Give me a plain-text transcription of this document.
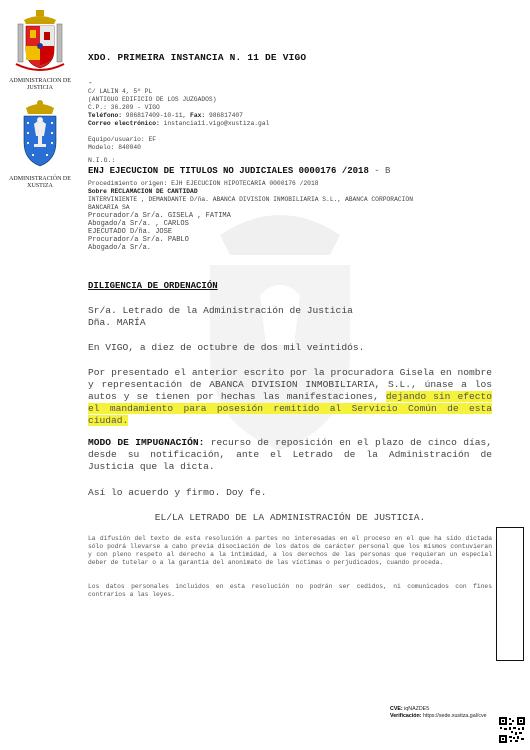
ADMINISTRACION DE JUSTICIA
ADMINISTRACIÓN DE XUSTIZA
XDO. PRIMEIRA INSTANCIA N. 11 DE VIGO
-
C/ LALIN 4, 5º PL
(ANTIGUO EDIFICIO DE LOS JUZGADOS)
C.P.: 36.209 - VIGO
Teléfono: 986817409-10-11, Fax: 986817407
Correo electrónico: instancia11.vigo@xustiza.gal
Equipo/usuario: EF
Modelo: 840040
N.I.G.:
ENJ EJECUCION DE TITULOS NO JUDICIALES 0000176 /2018 - B
Procedimiento origen: EJH EJECUCION HIPOTECARIA 0000176 /2018
Sobre RECLAMACION DE CANTIDAD
INTERVINIENTE , DEMANDANTE D/ña. ABANCA DIVISION INMOBILIARIA S.L., ABANCA CORPORACION
BANCARIA SA
Procurador/a Sr/a. GISELA , FATIMA
Abogado/a Sr/a. , CARLOS
EJECUTADO D/ña. JOSE
Procurador/a Sr/a. PABLO
Abogado/a Sr/a.
DILIGENCIA DE ORDENACIÓN
Sr/a. Letrado de la Administración de Justicia
Dña. MARÍA
En VIGO, a diez de octubre de dos mil veintidós.
Por presentado el anterior escrito por la procuradora Gisela en nombre y representación de ABANCA DIVISION INMOBILIARIA, S.L., únase a los autos y se tienen por hechas las manifestaciones, dejando sin efecto el mandamiento para posesión remitido al Servicio Común de esta ciudad.
MODO DE IMPUGNACIÓN: recurso de reposición en el plazo de cinco días, desde su notificación, ante el Letrado de la Administración de Justicia que la dicta.
Así lo acuerdo y firmo. Doy fe.
EL/LA LETRADO DE LA ADMINISTRACIÓN DE JUSTICIA.
La difusión del texto de esta resolución a partes no interesadas en el proceso en el que ha sido dictada sólo podrá llevarse a cabo previa disociación de los datos de carácter personal que los mismos contuvieran y con pleno respeto al derecho a la intimidad, a los derechos de las personas que requieran un especial deber de tutelar o a la garantía del anonimato de las víctimas o perjudicados, cuando proceda.
Los datos personales incluidos en esta resolución no podrán ser cedidos, ni comunicados con fines contrarios a las leyes.
CVE: iqNAZDE5
Verificación: https://sede.xustiza.gal/cve
